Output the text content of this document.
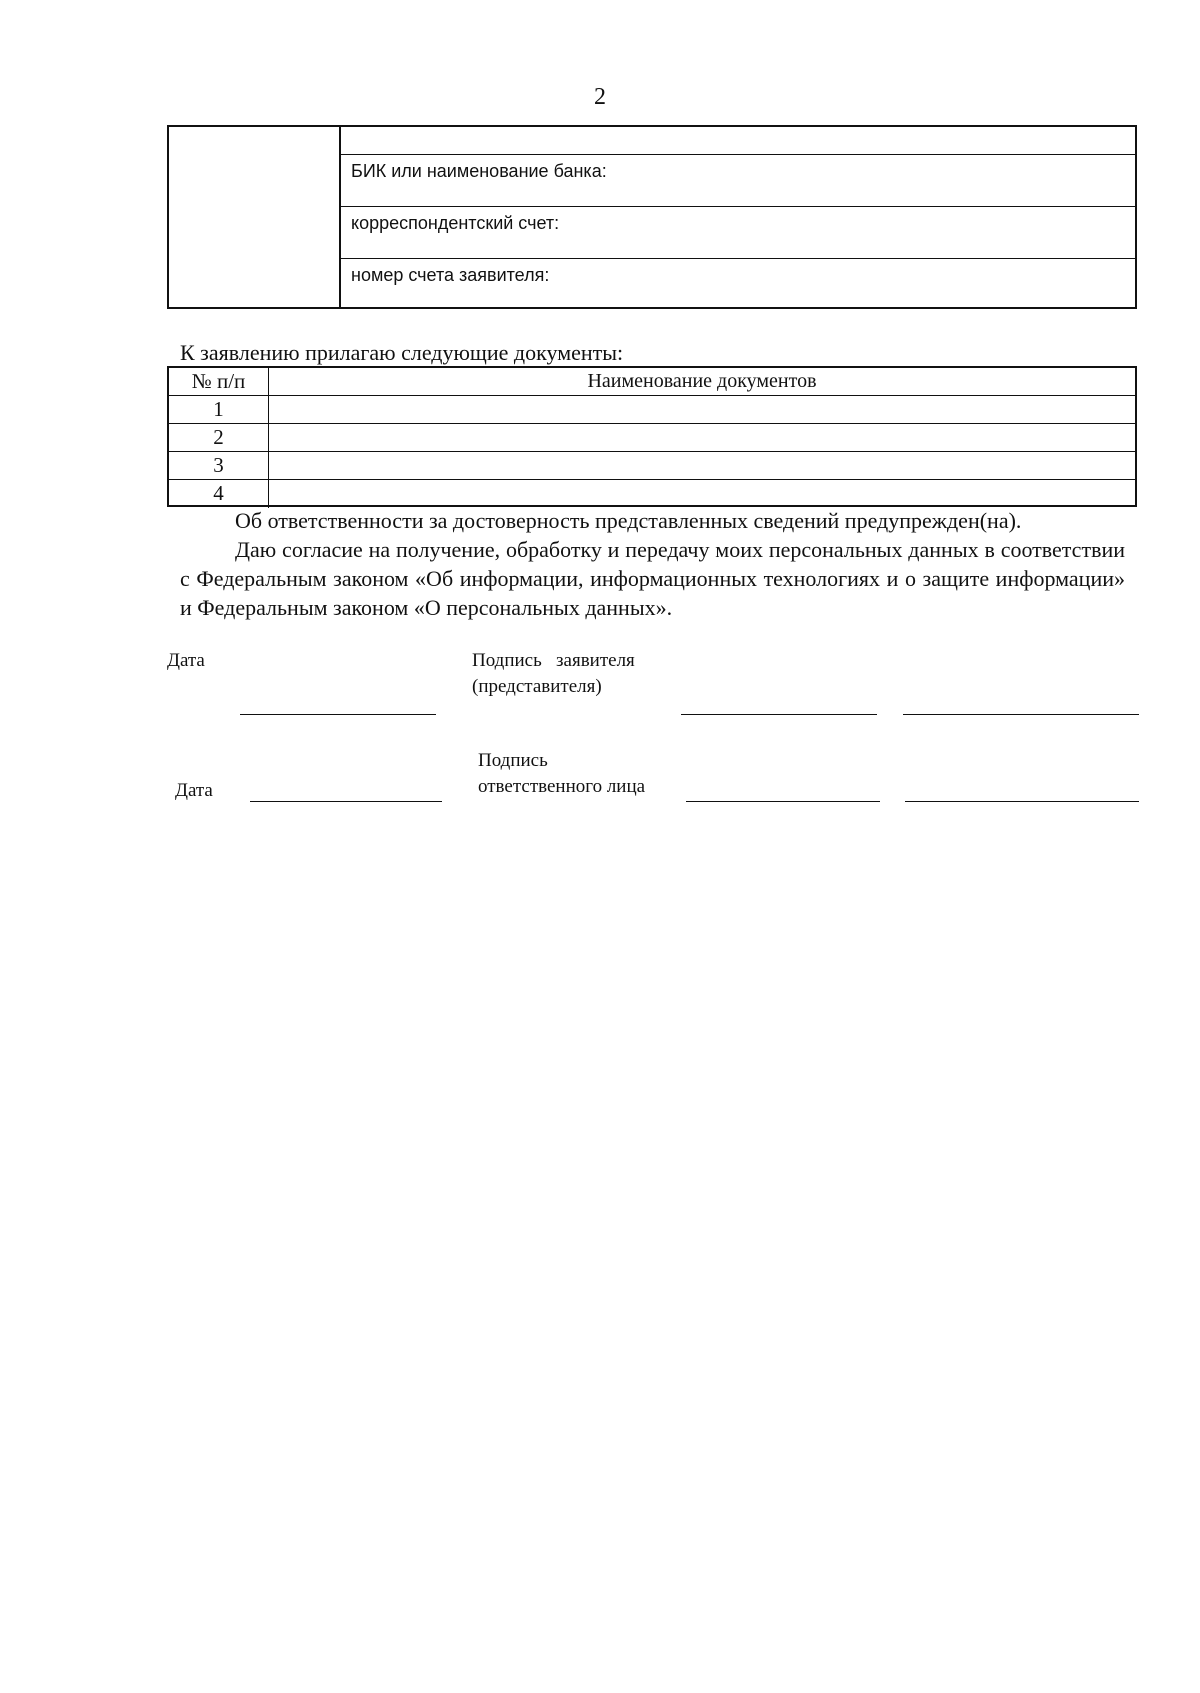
2
БИК или наименование банка:
корреспондентский счет:
номер счета заявителя:
К заявлению прилагаю следующие документы:
№ п/п	Наименование документов
1
2
3
4
Об ответственности за достоверность представленных сведений предупрежден(на).
Даю согласие на получение, обработку и передачу моих персональных данных в соответствии с Федеральным законом «Об информации, информационных технологиях и о защите информации» и Федеральным законом «О персональных данных».
Дата	Подпись   заявителя
(представителя)
Подпись
ответственного лица
Дата
